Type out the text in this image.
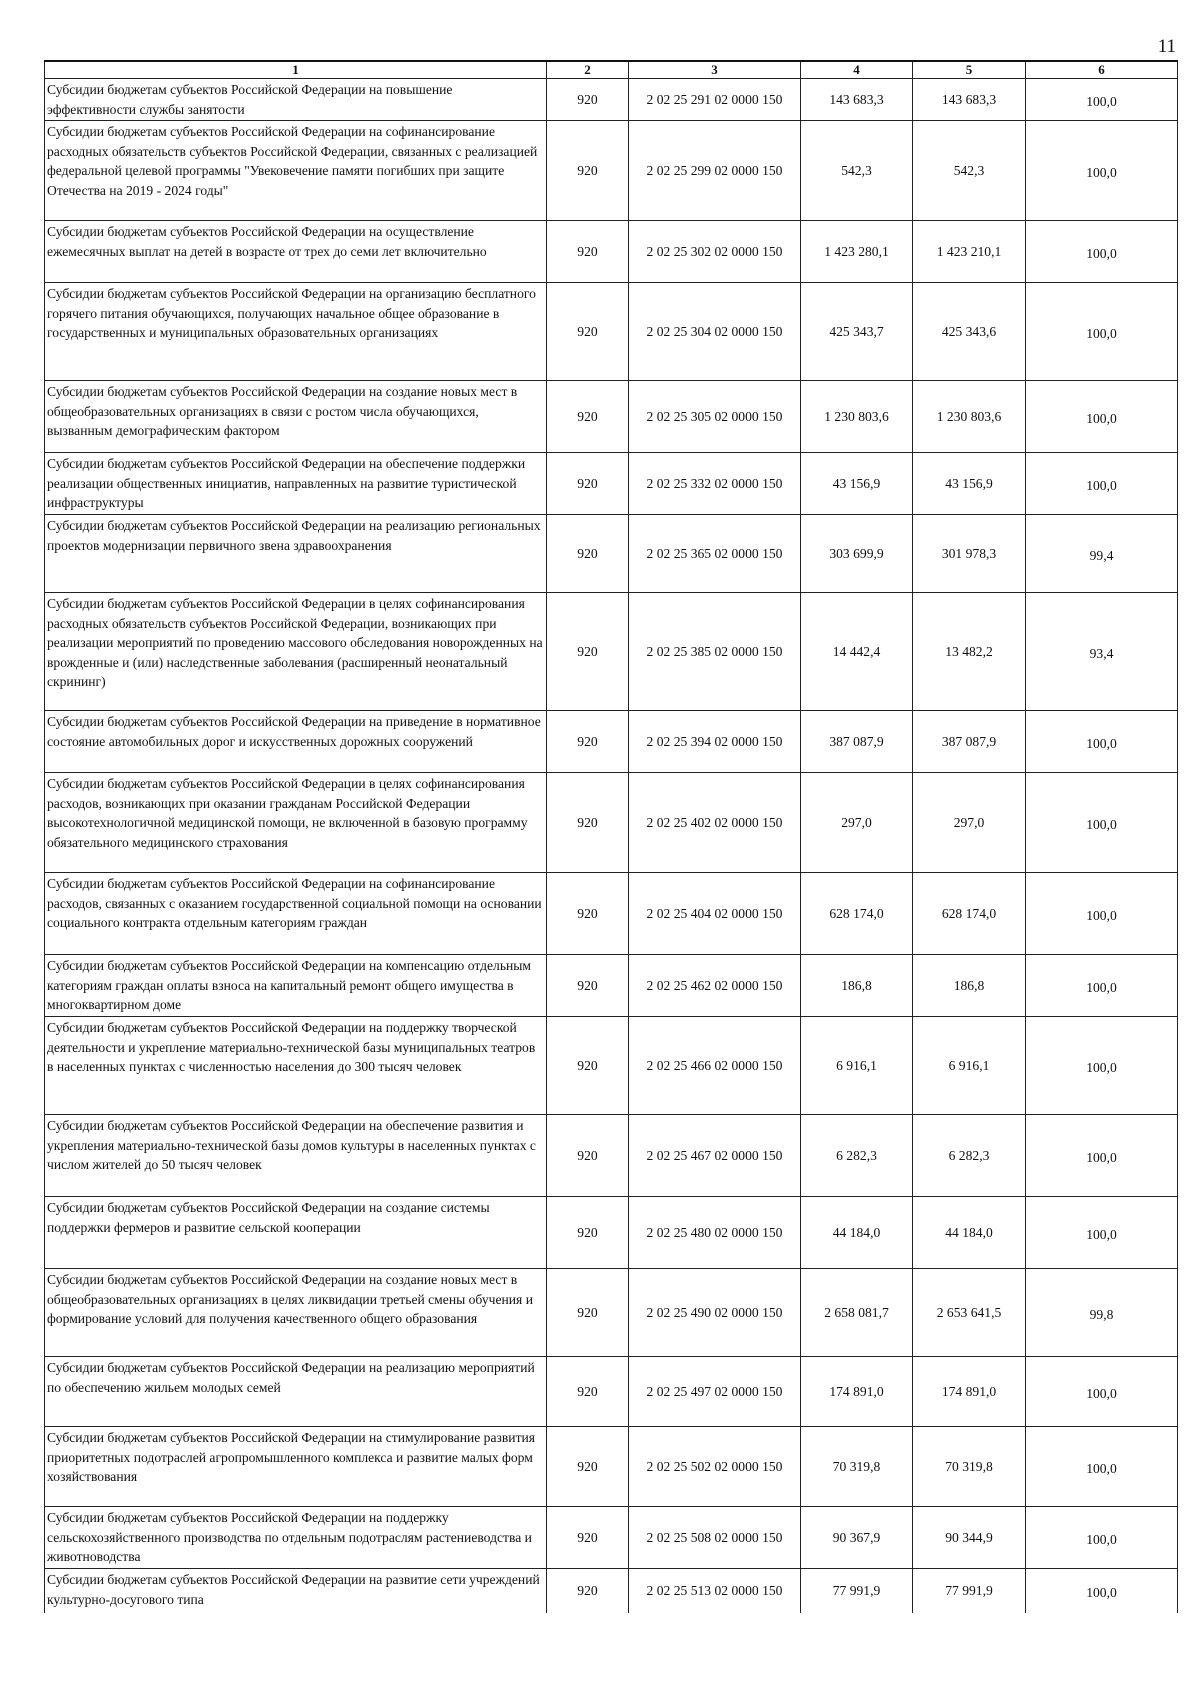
11
1	2	3	4	5	6
Субсидии бюджетам субъектов Российской Федерации на повышение эффективности службы занятости	920	2 02 25 291 02 0000 150	143 683,3	143 683,3	100,0
Субсидии бюджетам субъектов Российской Федерации на софинансирование расходных обязательств субъектов Российской Федерации, связанных с реализацией федеральной целевой программы "Увековечение памяти погибших при защите Отечества на 2019 - 2024 годы"	920	2 02 25 299 02 0000 150	542,3	542,3	100,0
Субсидии бюджетам субъектов Российской Федерации на осуществление ежемесячных выплат на детей в возрасте от трех до семи лет включительно	920	2 02 25 302 02 0000 150	1 423 280,1	1 423 210,1	100,0
Субсидии бюджетам субъектов Российской Федерации на организацию бесплатного горячего питания обучающихся, получающих начальное общее образование в государственных и муниципальных образовательных организациях	920	2 02 25 304 02 0000 150	425 343,7	425 343,6	100,0
Субсидии бюджетам субъектов Российской Федерации на создание новых мест в общеобразовательных организациях в связи с ростом числа обучающихся, вызванным демографическим фактором	920	2 02 25 305 02 0000 150	1 230 803,6	1 230 803,6	100,0
Субсидии бюджетам субъектов Российской Федерации на обеспечение поддержки реализации общественных инициатив, направленных на развитие туристической инфраструктуры	920	2 02 25 332 02 0000 150	43 156,9	43 156,9	100,0
Субсидии бюджетам субъектов Российской Федерации на реализацию региональных проектов модернизации первичного звена здравоохранения	920	2 02 25 365 02 0000 150	303 699,9	301 978,3	99,4
Субсидии бюджетам субъектов Российской Федерации в целях софинансирования расходных обязательств субъектов Российской Федерации, возникающих при реализации мероприятий по проведению массового обследования новорожденных на врожденные и (или) наследственные заболевания (расширенный неонатальный скрининг)	920	2 02 25 385 02 0000 150	14 442,4	13 482,2	93,4
Субсидии бюджетам субъектов Российской Федерации на приведение в нормативное состояние автомобильных дорог и искусственных дорожных сооружений	920	2 02 25 394 02 0000 150	387 087,9	387 087,9	100,0
Субсидии бюджетам субъектов Российской Федерации в целях софинансирования расходов, возникающих при оказании гражданам Российской Федерации высокотехнологичной медицинской помощи, не включенной в базовую программу обязательного медицинского страхования	920	2 02 25 402 02 0000 150	297,0	297,0	100,0
Субсидии бюджетам субъектов Российской Федерации на софинансирование расходов, связанных с оказанием государственной социальной помощи на основании социального контракта отдельным категориям граждан	920	2 02 25 404 02 0000 150	628 174,0	628 174,0	100,0
Субсидии бюджетам субъектов Российской Федерации на компенсацию отдельным категориям граждан оплаты взноса на капитальный ремонт общего имущества в многоквартирном доме	920	2 02 25 462 02 0000 150	186,8	186,8	100,0
Субсидии бюджетам субъектов Российской Федерации на поддержку творческой деятельности и укрепление материально-технической базы муниципальных театров в населенных пунктах с численностью населения до 300 тысяч человек	920	2 02 25 466 02 0000 150	6 916,1	6 916,1	100,0
Субсидии бюджетам субъектов Российской Федерации на обеспечение развития и укрепления материально-технической базы домов культуры в населенных пунктах с числом жителей до 50 тысяч человек	920	2 02 25 467 02 0000 150	6 282,3	6 282,3	100,0
Субсидии бюджетам субъектов Российской Федерации на создание системы поддержки фермеров и развитие сельской кооперации	920	2 02 25 480 02 0000 150	44 184,0	44 184,0	100,0
Субсидии бюджетам субъектов Российской Федерации на создание новых мест в общеобразовательных организациях в целях ликвидации третьей смены обучения и формирование условий для получения качественного общего образования	920	2 02 25 490 02 0000 150	2 658 081,7	2 653 641,5	99,8
Субсидии бюджетам субъектов Российской Федерации на реализацию мероприятий по обеспечению жильем молодых семей	920	2 02 25 497 02 0000 150	174 891,0	174 891,0	100,0
Субсидии бюджетам субъектов Российской Федерации на стимулирование развития приоритетных подотраслей агропромышленного комплекса и развитие малых форм хозяйствования	920	2 02 25 502 02 0000 150	70 319,8	70 319,8	100,0
Субсидии бюджетам субъектов Российской Федерации на поддержку сельскохозяйственного производства по отдельным подотраслям растениеводства и животноводства	920	2 02 25 508 02 0000 150	90 367,9	90 344,9	100,0
Субсидии бюджетам субъектов Российской Федерации на развитие сети учреждений культурно-досугового типа	920	2 02 25 513 02 0000 150	77 991,9	77 991,9	100,0
